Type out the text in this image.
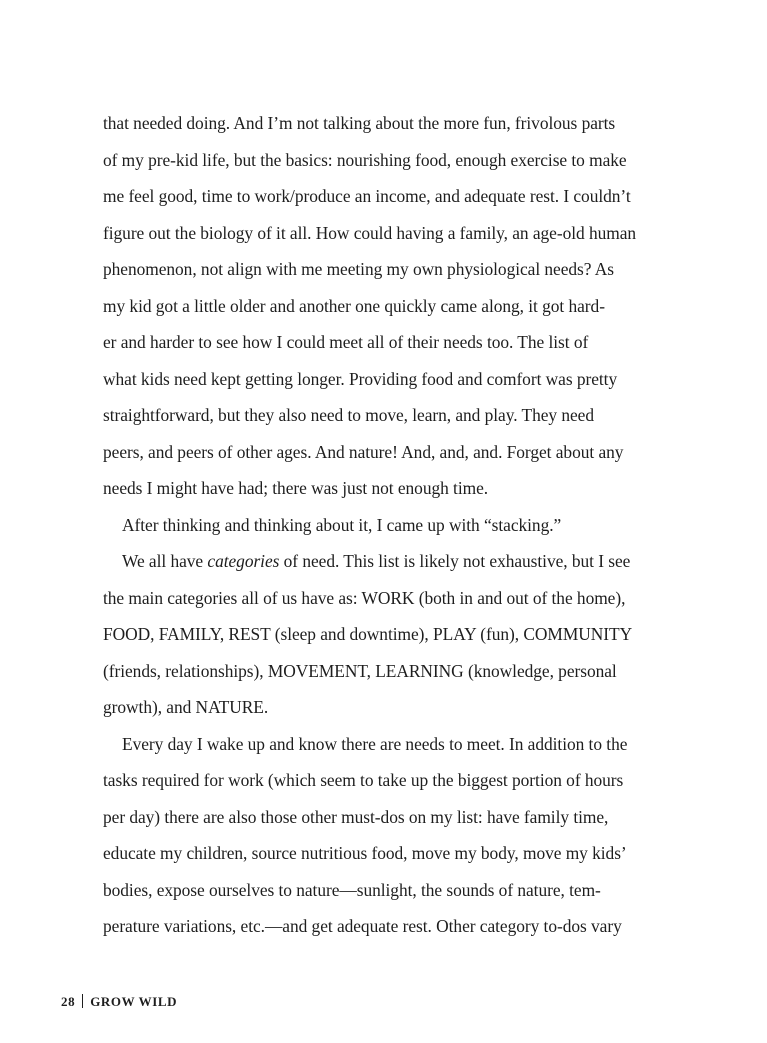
that needed doing. And I’m not talking about the more fun, frivolous parts
of my pre-kid life, but the basics: nourishing food, enough exercise to make
me feel good, time to work/produce an income, and adequate rest. I couldn’t
figure out the biology of it all. How could having a family, an age-old human
phenomenon, not align with me meeting my own physiological needs? As
my kid got a little older and another one quickly came along, it got hard-
er and harder to see how I could meet all of their needs too. The list of
what kids need kept getting longer. Providing food and comfort was pretty
straightforward, but they also need to move, learn, and play. They need
peers, and peers of other ages. And nature! And, and, and. Forget about any
needs I might have had; there was just not enough time.
After thinking and thinking about it, I came up with “stacking.”
We all have categories of need. This list is likely not exhaustive, but I see
the main categories all of us have as: WORK (both in and out of the home),
FOOD, FAMILY, REST (sleep and downtime), PLAY (fun), COMMUNITY
(friends, relationships), MOVEMENT, LEARNING (knowledge, personal
growth), and NATURE.
Every day I wake up and know there are needs to meet. In addition to the
tasks required for work (which seem to take up the biggest portion of hours
per day) there are also those other must-dos on my list: have family time,
educate my children, source nutritious food, move my body, move my kids’
bodies, expose ourselves to nature—sunlight, the sounds of nature, tem-
perature variations, etc.—and get adequate rest. Other category to-dos vary
28 GROW WILD
